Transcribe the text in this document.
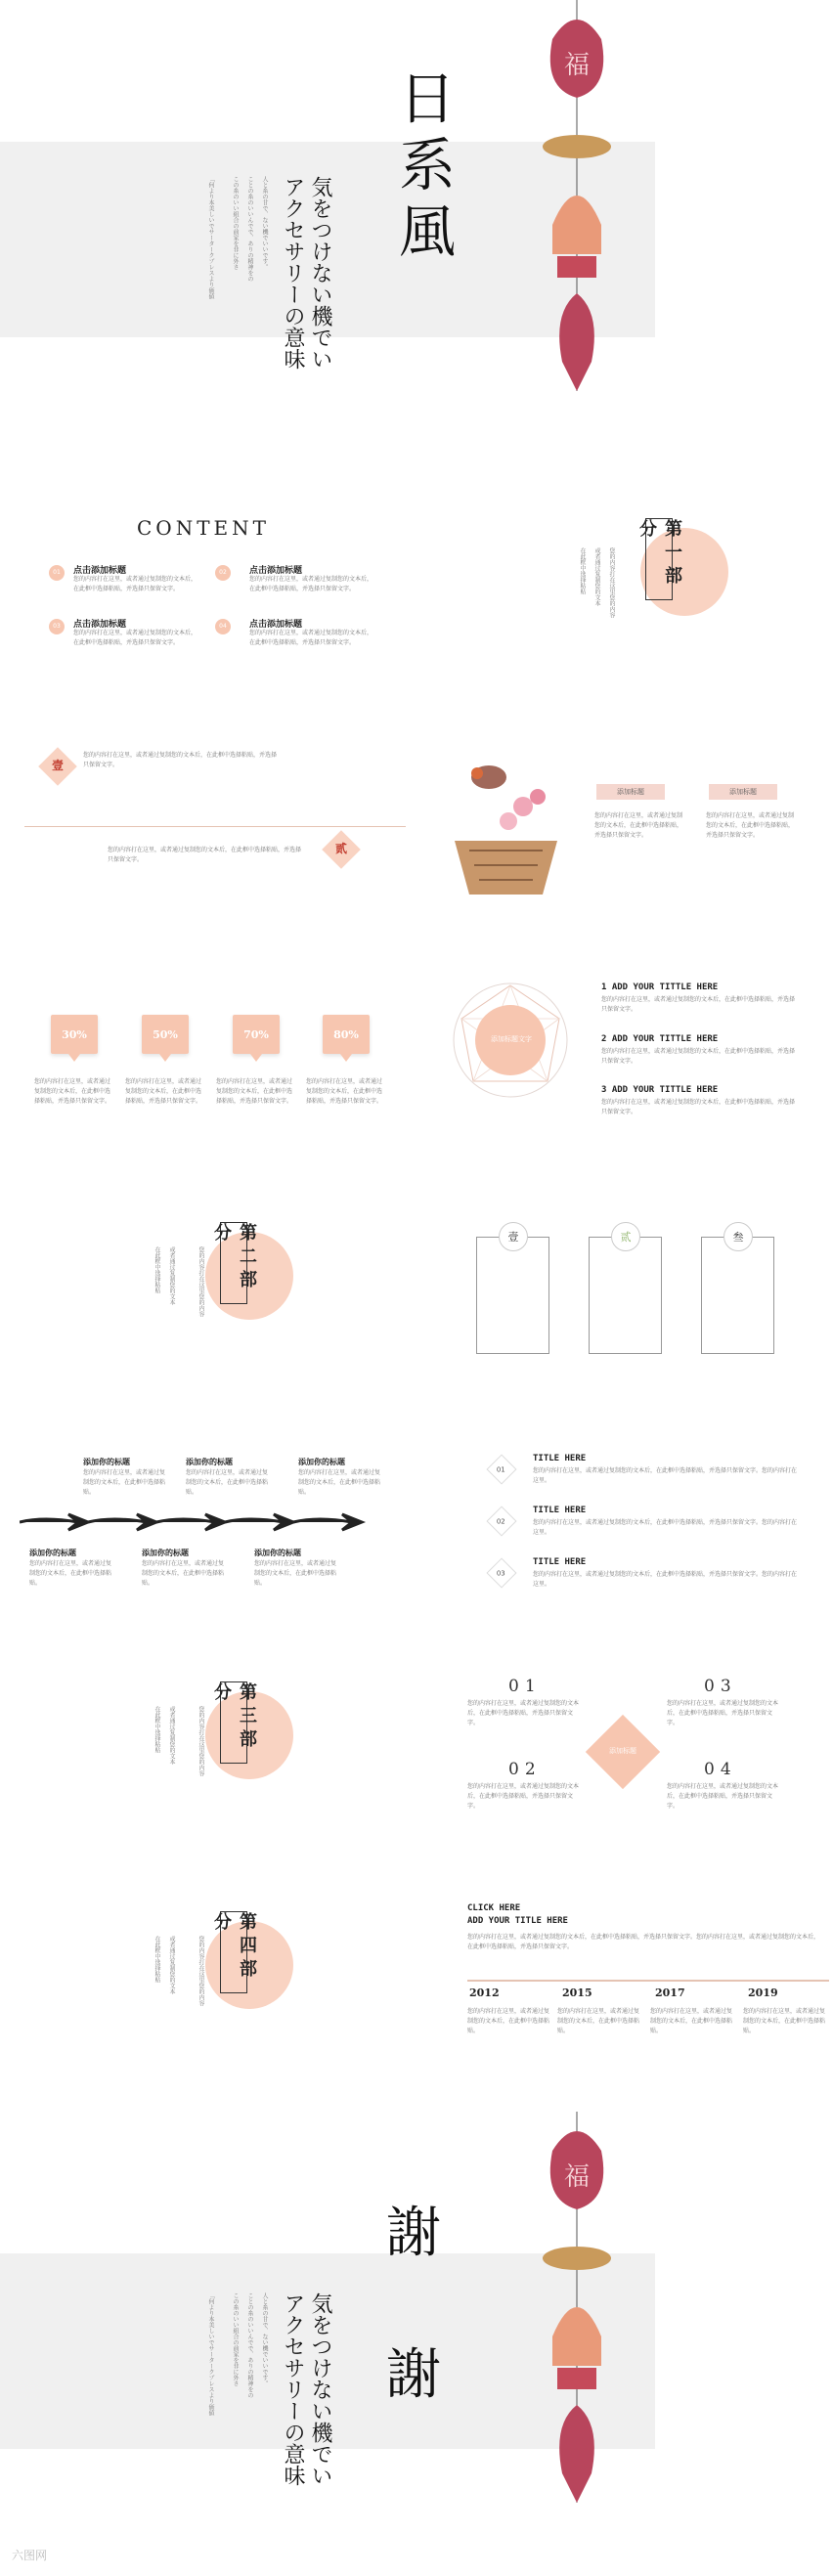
日系風
気をつけない機でい
アクセサリーの意味
人と糸の甘で、ない機でいいです。
ことの糸のいいんでで、ありの精神をの
この糸のいい組合の前家を非に外さ
「何より本美しいでサータークプレスより価値
福
CONTENT
01	点击添加标题
您的内容打在这里，或者通过复制您的文本后，在此框中选择粘贴，并选择只保留文字。
02	点击添加标题
您的内容打在这里，或者通过复制您的文本后，在此框中选择粘贴，并选择只保留文字。
03	点击添加标题
您的内容打在这里，或者通过复制您的文本后，在此框中选择粘贴，并选择只保留文字。
04	点击添加标题
您的内容打在这里，或者通过复制您的文本后，在此框中选择粘贴，并选择只保留文字。
第一部分
您的内容打在这里您的内容
或者通过复制您的文本
在此框中选择粘贴
壹
您的内容打在这里，或者通过复制您的文本后，在此框中选择粘贴，并选择只保留文字。
贰
您的内容打在这里，或者通过复制您的文本后，在此框中选择粘贴，并选择只保留文字。
添加标题	添加标题
您的内容打在这里，或者通过复制您的文本后，在此框中选择粘贴，并选择只保留文字。
您的内容打在这里，或者通过复制您的文本后，在此框中选择粘贴，并选择只保留文字。
30%	50%	70%	80%
您的内容打在这里，或者通过复制您的文本后，在此框中选择粘贴，并选择只保留文字。
您的内容打在这里，或者通过复制您的文本后，在此框中选择粘贴，并选择只保留文字。
您的内容打在这里，或者通过复制您的文本后，在此框中选择粘贴，并选择只保留文字。
您的内容打在这里，或者通过复制您的文本后，在此框中选择粘贴，并选择只保留文字。
添加标题文字
1 ADD YOUR TITTLE HERE
您的内容打在这里，或者通过复制您的文本后，在此框中选择粘贴，并选择只保留文字。
2 ADD YOUR TITTLE HERE
您的内容打在这里，或者通过复制您的文本后，在此框中选择粘贴，并选择只保留文字。
3 ADD YOUR TITTLE HERE
您的内容打在这里，或者通过复制您的文本后，在此框中选择粘贴，并选择只保留文字。
第二部分
您的内容打在这里您的内容
或者通过复制您的文本
在此框中选择粘贴
壹	贰	叁
添加你的标题	添加你的标题	添加你的标题
您的内容打在这里，或者通过复制您的文本后，在此框中选择粘贴。
您的内容打在这里，或者通过复制您的文本后，在此框中选择粘贴。
您的内容打在这里，或者通过复制您的文本后，在此框中选择粘贴。
添加你的标题	添加你的标题	添加你的标题
您的内容打在这里，或者通过复制您的文本后，在此框中选择粘贴。
您的内容打在这里，或者通过复制您的文本后，在此框中选择粘贴。
您的内容打在这里，或者通过复制您的文本后，在此框中选择粘贴。
01
TITLE HERE
您的内容打在这里，或者通过复制您的文本后，在此框中选择粘贴，并选择只保留文字。您的内容打在这里。
02
TITLE HERE
您的内容打在这里，或者通过复制您的文本后，在此框中选择粘贴，并选择只保留文字。您的内容打在这里。
03
TITLE HERE
您的内容打在这里，或者通过复制您的文本后，在此框中选择粘贴，并选择只保留文字。您的内容打在这里。
第三部分
您的内容打在这里您的内容
或者通过复制您的文本
在此框中选择粘贴
01
您的内容打在这里，或者通过复制您的文本后，在此框中选择粘贴，并选择只保留文字。
03
您的内容打在这里，或者通过复制您的文本后，在此框中选择粘贴，并选择只保留文字。
02
您的内容打在这里，或者通过复制您的文本后，在此框中选择粘贴，并选择只保留文字。
04
您的内容打在这里，或者通过复制您的文本后，在此框中选择粘贴，并选择只保留文字。
添加标题
第四部分
您的内容打在这里您的内容
或者通过复制您的文本
在此框中选择粘贴
CLICK HERE
ADD YOUR TITLE HERE
您的内容打在这里，或者通过复制您的文本后，在此框中选择粘贴，并选择只保留文字。您的内容打在这里，或者通过复制您的文本后，在此框中选择粘贴，并选择只保留文字。
2012	2015	2017	2019
您的内容打在这里，或者通过复制您的文本后，在此框中选择粘贴。
您的内容打在这里，或者通过复制您的文本后，在此框中选择粘贴。
您的内容打在这里，或者通过复制您的文本后，在此框中选择粘贴。
您的内容打在这里，或者通过复制您的文本后，在此框中选择粘贴。
謝
謝
気をつけない機でい
アクセサリーの意味
人と糸の甘で、ない機でいいです。
ことの糸のいいんでで、ありの精神をの
この糸のいい組合の前家を非に外さ
「何より本美しいでサータークプレスより価値
福
六图网
